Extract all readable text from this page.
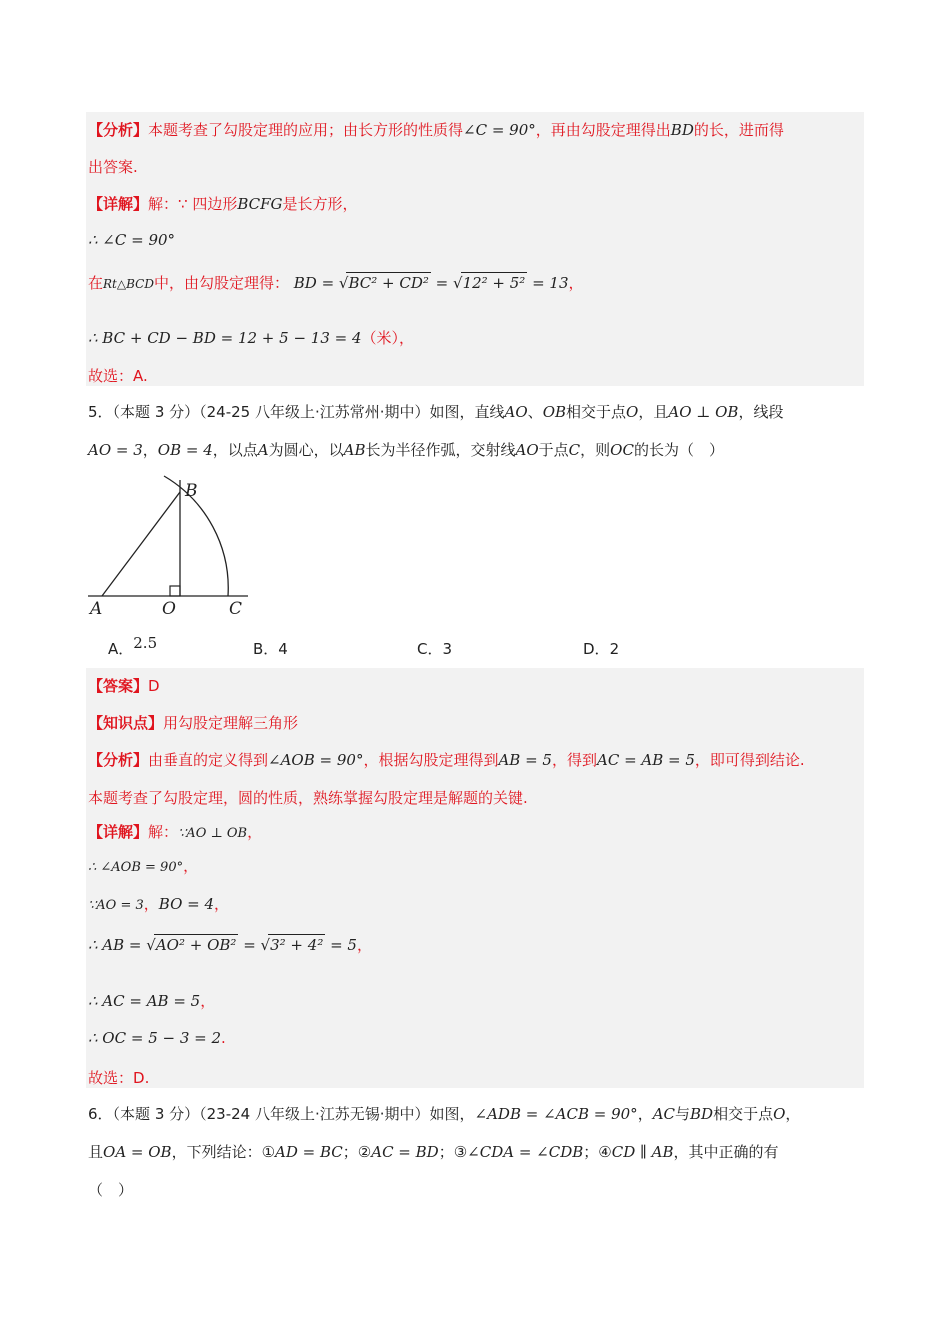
【分析】本题考查了勾股定理的应用；由长方形的性质得∠C = 90°，再由勾股定理得出BD的长，进而得
出答案.
【详解】解：∵ 四边形BCFG是长方形，
∴ ∠C = 90°
在Rt△BCD中，由勾股定理得： BD = √BC² + CD² = √12² + 5² = 13，
∴ BC + CD − BD = 12 + 5 − 13 = 4（米），
故选：A.
5．（本题 3 分）（24-25 八年级上·江苏常州·期中）如图，直线AO、OB相交于点O，且AO ⊥ OB，线段
AO = 3，OB = 4，以点A为圆心，以AB长为半径作弧，交射线AO于点C，则OC的长为（　）
A	O
B
C
A．2.5	B．4	C．3	D．2
【答案】D
【知识点】用勾股定理解三角形
【分析】由垂直的定义得到∠AOB = 90°，根据勾股定理得到AB = 5，得到AC = AB = 5，即可得到结论.
本题考查了勾股定理，圆的性质，熟练掌握勾股定理是解题的关键.
【详解】解：∵AO ⊥ OB，
∴ ∠AOB = 90°，
∵AO = 3，BO = 4，
∴ AB = √AO² + OB² = √3² + 4² = 5，
∴ AC = AB = 5，
∴ OC = 5 − 3 = 2.
故选：D.
6．（本题 3 分）（23-24 八年级上·江苏无锡·期中）如图，∠ADB = ∠ACB = 90°，AC与BD相交于点O，
且OA = OB，下列结论：①AD = BC；②AC = BD；③∠CDA = ∠CDB；④CD ∥ AB，其中正确的有
（　）
